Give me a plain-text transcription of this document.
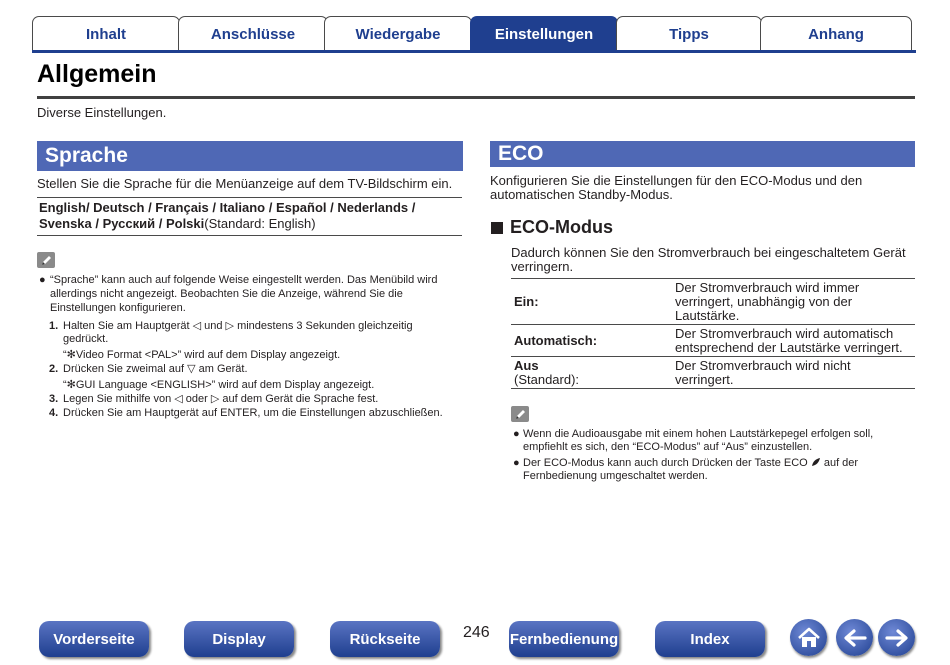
Inhalt	Anschlüsse	Wiedergabe	Einstellungen	Tipps	Anhang
Allgemein
Diverse Einstellungen.
Sprache
Stellen Sie die Sprache für die Menüanzeige auf dem TV-Bildschirm ein.
English/ Deutsch / Français / Italiano / Español / Nederlands /
Svenska / Русский / Polski(Standard: English)
● “Sprache” kann auch auf folgende Weise eingestellt werden. Das Menübild wird
allerdings nicht angezeigt. Beobachten Sie die Anzeige, während Sie die
Einstellungen konfigurieren.
1. Halten Sie am Hauptgerät ◁ und ▷ mindestens 3 Sekunden gleichzeitig
gedrückt.
“✻Video Format <PAL>” wird auf dem Display angezeigt.
2. Drücken Sie zweimal auf ▽ am Gerät.
“✻GUI Language <ENGLISH>” wird auf dem Display angezeigt.
3. Legen Sie mithilfe von ◁ oder ▷ auf dem Gerät die Sprache fest.
4. Drücken Sie am Hauptgerät auf ENTER, um die Einstellungen abzuschließen.
ECO
Konfigurieren Sie die Einstellungen für den ECO-Modus und den
automatischen Standby-Modus.
ECO-Modus
Dadurch können Sie den Stromverbrauch bei eingeschaltetem Gerät
verringern.
Ein:	Der Stromverbrauch wird immer verringert, unabhängig von der Lautstärke.
Automatisch:	Der Stromverbrauch wird automatisch entsprechend der Lautstärke verringert.

Aus
(Standard):	Der Stromverbrauch wird nicht verringert.
● Wenn die Audioausgabe mit einem hohen Lautstärkepegel erfolgen soll,
empfiehlt es sich, den “ECO-Modus” auf “Aus” einzustellen.
● Der ECO-Modus kann auch durch Drücken der Taste ECO auf der
Fernbedienung umgeschaltet werden.
Vorderseite	Display	Rückseite	246 Fernbedienung	Index
